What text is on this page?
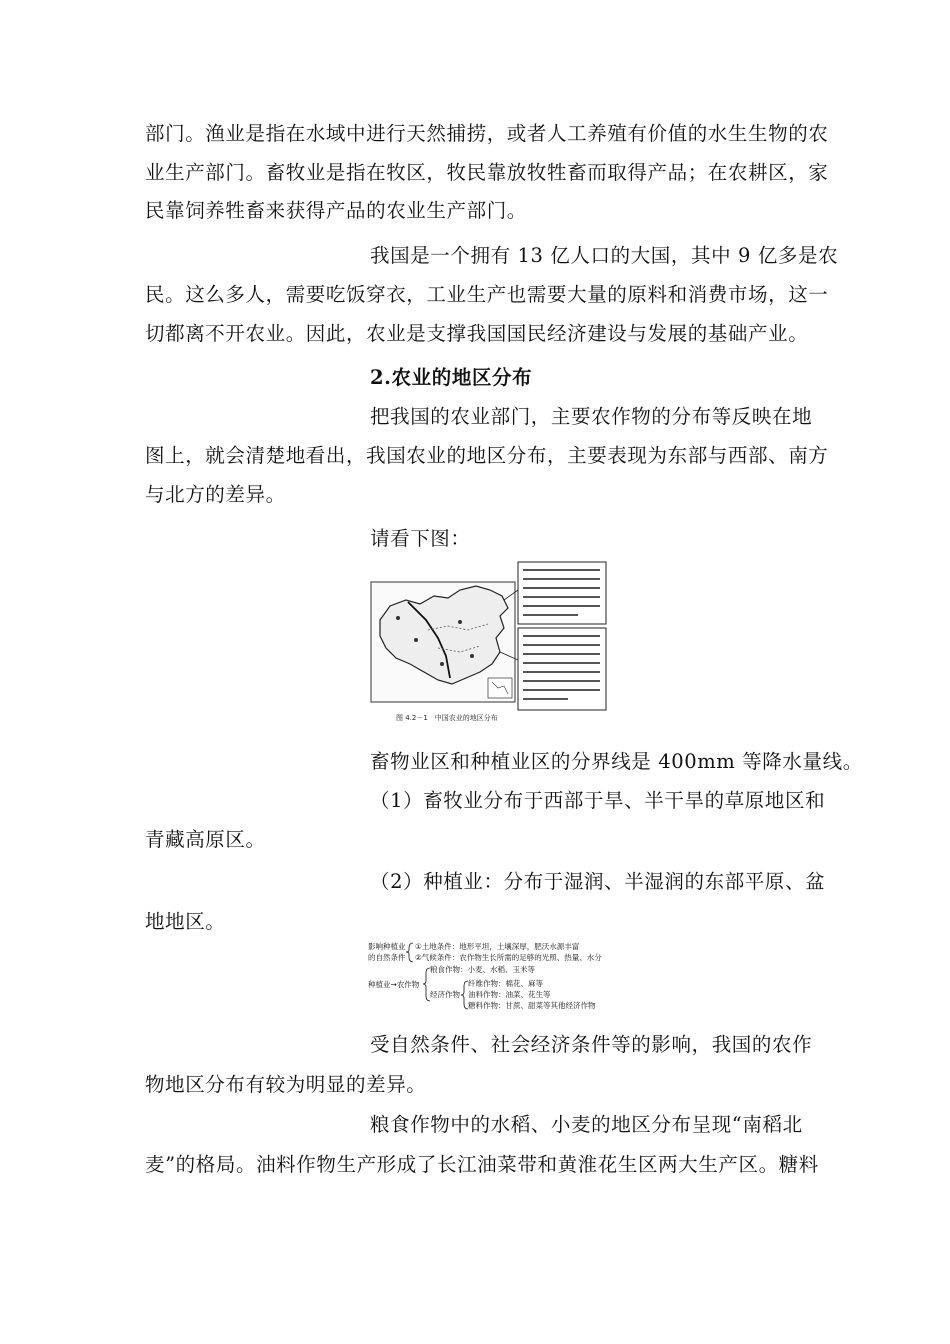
部门。渔业是指在水域中进行天然捕捞，或者人工养殖有价值的水生生物的农
业生产部门。畜牧业是指在牧区，牧民靠放牧牲畜而取得产品；在农耕区，家
民靠饲养牲畜来获得产品的农业生产部门。
我国是一个拥有 13 亿人口的大国，其中 9 亿多是农
民。这么多人，需要吃饭穿衣，工业生产也需要大量的原料和消费市场，这一
切都离不开农业。因此，农业是支撑我国国民经济建设与发展的基础产业。
2.农业的地区分布
把我国的农业部门，主要农作物的分布等反映在地
图上，就会清楚地看出，我国农业的地区分布，主要表现为东部与西部、南方
与北方的差异。
请看下图：
图 4.2－1　中国农业的地区分布
畜物业区和种植业区的分界线是 400mm 等降水量线。
（1）畜牧业分布于西部于旱、半干旱的草原地区和
青藏高原区。
（2）种植业：分布于湿润、半湿润的东部平原、盆
地地区。
影响种植业
的自然条件
①土地条件：地形平坦，土壤深厚，肥沃水源丰富
②气候条件：农作物生长所需的足够的光照、热量、水分
种植业→农作物
粮食作物：小麦、水稻、玉米等
经济作物
纤维作物：棉花、麻等
油料作物：油菜、花生等
糖料作物：甘蔗、甜菜等其他经济作物
受自然条件、社会经济条件等的影响，我国的农作
物地区分布有较为明显的差异。
粮食作物中的水稻、小麦的地区分布呈现“南稻北
麦”的格局。油料作物生产形成了长江油菜带和黄淮花生区两大生产区。糖料
